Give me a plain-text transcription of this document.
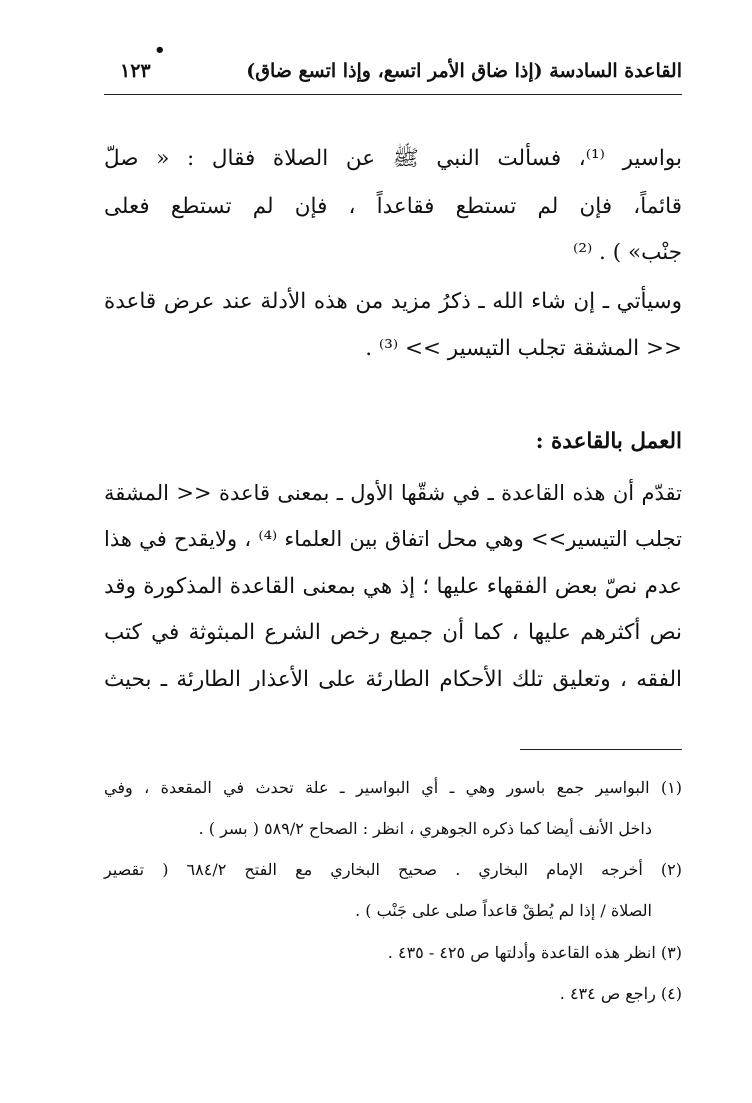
•
القاعدة السادسة (إذا ضاق الأمر اتسع، وإذا اتسع ضاق)
١٢٣
بواسير ⁽¹⁾، فسألت النبي ﷺ عن الصلاة فقال : « صلّ
قائماً، فإن لم تستطع فقاعداً ، فإن لم تستطع فعلى
جنْب» ) . ⁽²⁾
وسيأتي ـ إن شاء الله ـ ذكرُ مزيد من هذه الأدلة عند عرض قاعدة
<< المشقة تجلب التيسير >> ⁽³⁾ .
العمل بالقاعدة :
تقدّم أن هذه القاعدة ـ في شقّها الأول ـ بمعنى قاعدة << المشقة
تجلب التيسير>> وهي محل اتفاق بين العلماء ⁽⁴⁾ ، ولايقدح في هذا
عدم نصّ بعض الفقهاء عليها ؛ إذ هي بمعنى القاعدة المذكورة وقد
نص أكثرهم عليها ، كما أن جميع رخص الشرع المبثوثة في كتب
الفقه ، وتعليق تلك الأحكام الطارئة على الأعذار الطارئة ـ بحيث
(١) البواسير جمع باسور وهي ـ أي البواسير ـ علة تحدث في المقعدة ، وفي
داخل الأنف أيضا كما ذكره الجوهري ، انظر : الصحاح ٥٨٩/٢ ( بسر ) .
(٢) أخرجه الإمام البخاري . صحيح البخاري مع الفتح ٦٨٤/٢ ( تقصير
الصلاة / إذا لم يُطقْ قاعداً صلى على جَنْب ) .
(٣) انظر هذه القاعدة وأدلتها ص ٤٢٥ - ٤٣٥ .
(٤) راجع ص ٤٣٤ .
